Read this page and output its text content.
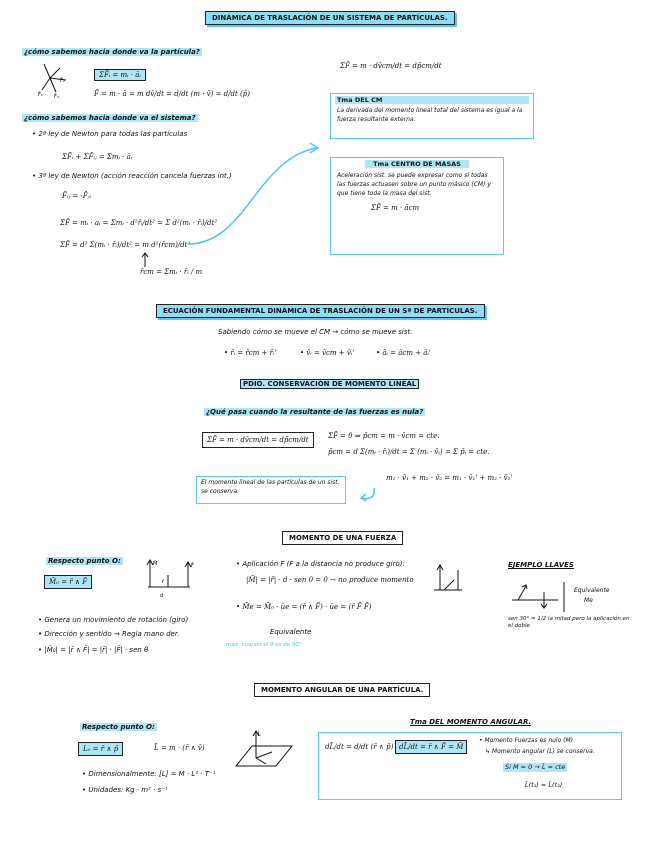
DINÁMICA DE TRASLACIÓN DE UN SISTEMA DE PARTÍCULAS.
¿cómo sabemos hacia donde va la partícula?
F̄₂
F̄₁ F̄₄
ΣF̄ᵢ = mᵢ · āᵢ
F̄ = m · ā = m dv̄/dt = d/dt (m · v̄) = d/dt (p̄)
¿cómo sabemos hacia donde va el sistema?
• 2ª ley de Newton para todas las partículas
ΣF̄ᵢ + ΣF̄ᵢⱼ = Σmᵢ · āᵢ
• 3ª ley de Newton (acción reacción cancela fuerzas int.)
F̄ᵢⱼ = -F̄ⱼᵢ
ΣF̄ = mᵢ · aᵢ = Σmᵢ · d²r̄ᵢ/dt² = Σ d²(mᵢ · r̄ᵢ)/dt²
ΣF̄ = d² Σ(mᵢ · r̄ᵢ)/dt² = m d²(r̄cm)/dt²
r̄cm = Σmᵢ · r̄ᵢ / m
ΣF̄ = m · dv̄cm/dt = dp̄cm/dt
Tma DEL CM
La derivada del momento lineal total del sistema es igual a la fuerza resultante externa.
Tma CENTRO DE MASAS
Aceleración sist. se puede expresar como si todas las fuerzas actuasen sobre un punto másico (CM) y que tiene toda la masa del sist.
ΣF̄ = m · ācm
ECUACIÓN FUNDAMENTAL DINÁMICA DE TRASLACIÓN DE UN Sª DE PARTÍCULAS.
Sabiendo cómo se mueve el CM → cómo se mueve sist.
• r̄ᵢ = r̄cm + r̄ᵢ'	• v̄ᵢ = v̄cm + v̄ᵢ'	• āᵢ = ācm + āᵢ'
PDIO. CONSERVACIÓN DE MOMENTO LINEAL
¿Qué pasa cuando la resultante de las fuerzas es nula?
ΣF̄ = m · dv̄cm/dt = dp̄cm/dt	ΣF̄ = 0 ⇒ p̄cm = m · v̄cm = cte.
p̄cm = d Σ(mᵢ · r̄ᵢ)/dt = Σ (mᵢ · v̄ᵢ) = Σ p̄ᵢ = cte.
El momento lineal de las partículas de un sist. se conserva.
m₁ · v̄₁ + m₂ · v̄₂ = m₁ · v̄₁' + m₂ · v̄₂'
MOMENTO DE UNA FUERZA
Respecto punto O:
M̄₀ = r̄ ∧ F̄
M̄	F̄
r̄
d
• Genera un movimiento de rotación (giro)
• Dirección y sentido → Regla mano der.
• |M̄₀| = |r̄ ∧ F̄| = |r̄| · |F̄| · sen θ
máx. cuando el θ es de 90°
• Aplicación F (F a la distancia no produce giro):
|M̄| = |r̄| · d · sen 0 = 0 → no produce momento
• M̄e = M̄₀ · ūe = (r̄ ∧ F̄) · ūe = (r̄ F̄ F̄)
Equivalente
EJEMPLO LLAVES
Equivalente
Me
sen 30° = 1/2 la mitad pero la aplicación en el doble
MOMENTO ANGULAR DE UNA PARTÍCULA.
Respecto punto O:
L₀ = r̄ ∧ p̄	L̄ = m · (r̄ ∧ v̄)
• Dimensionalmente: [L] = M · L² · T⁻¹
• Unidades: Kg · m² · s⁻¹
L̄
Tma DEL MOMENTO ANGULAR.
dL̄/dt = d/dt (r̄ ∧ p̄) dL̄/dt = r̄ ∧ F̄ = M̄
• Momento Fuerzas es nulo (M)
↳ Momento angular (L) se conserva.
Si M = 0 → L̄ = cte
L̄(t₁) = L̄(t₂)
